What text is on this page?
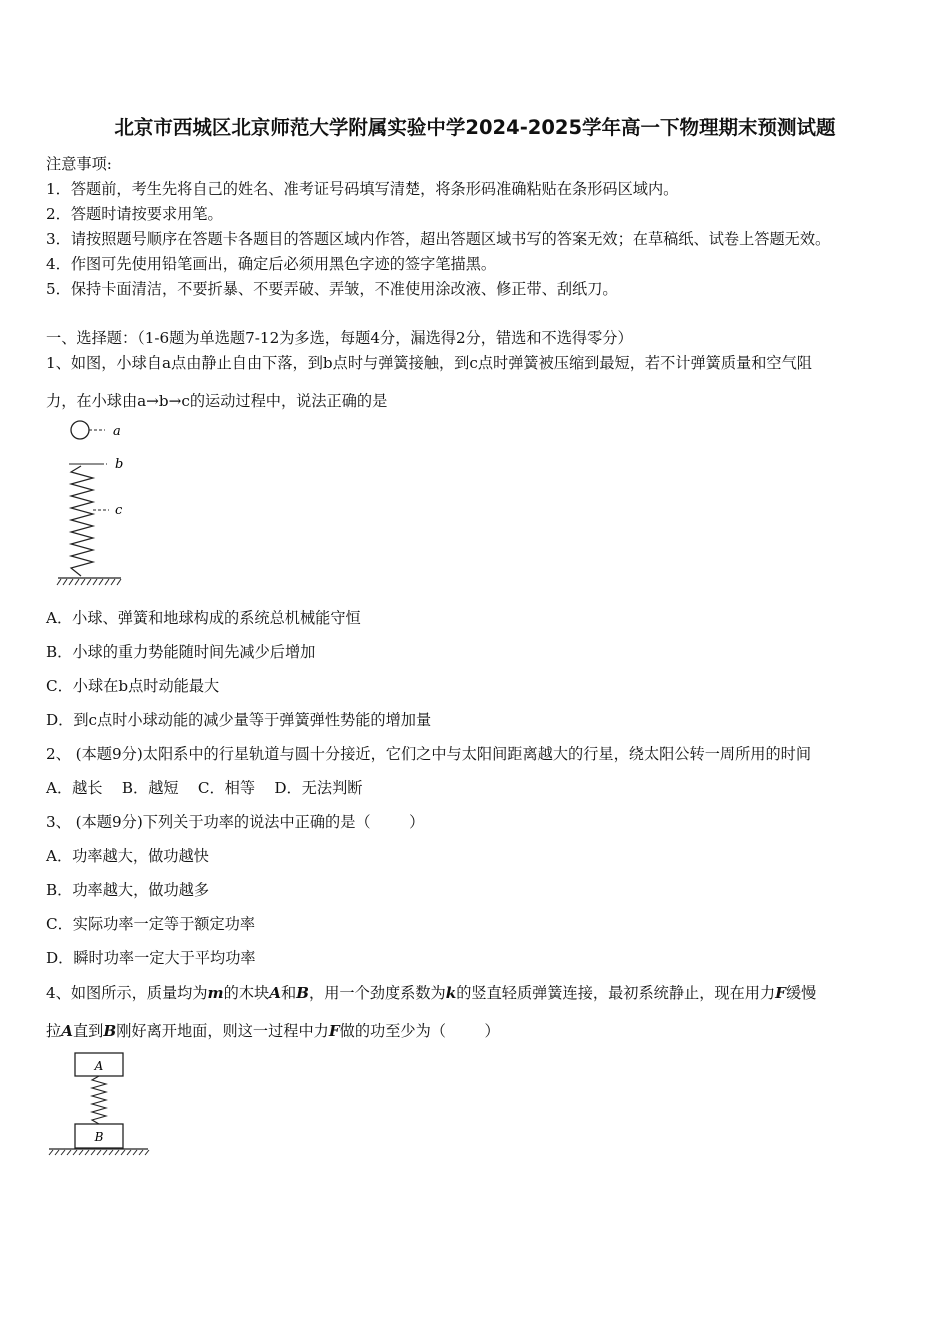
北京市西城区北京师范大学附属实验中学2024-2025学年高一下物理期末预测试题
注意事项:
1．答题前，考生先将自己的姓名、准考证号码填写清楚，将条形码准确粘贴在条形码区域内。
2．答题时请按要求用笔。
3．请按照题号顺序在答题卡各题目的答题区域内作答，超出答题区域书写的答案无效；在草稿纸、试卷上答题无效。
4．作图可先使用铅笔画出，确定后必须用黑色字迹的签字笔描黑。
5．保持卡面清洁，不要折暴、不要弄破、弄皱，不准使用涂改液、修正带、刮纸刀。
一、选择题：（1-6题为单选题7-12为多选，每题4分，漏选得2分，错选和不选得零分）
1、如图，小球自a点由静止自由下落，到b点时与弹簧接触，到c点时弹簧被压缩到最短，若不计弹簧质量和空气阻
力，在小球由a→b→c的运动过程中，说法正确的是
a
b
c
A．小球、弹簧和地球构成的系统总机械能守恒
B．小球的重力势能随时间先减少后增加
C．小球在b点时动能最大
D．到c点时小球动能的减少量等于弹簧弹性势能的增加量
2、 (本题9分)太阳系中的行星轨道与圆十分接近，它们之中与太阳间距离越大的行星，绕太阳公转一周所用的时间
A．越长    B．越短    C．相等    D．无法判断
3、 (本题9分)下列关于功率的说法中正确的是（        ）
A．功率越大，做功越快
B．功率越大，做功越多
C．实际功率一定等于额定功率
D．瞬时功率一定大于平均功率
4、如图所示，质量均为m的木块A和B，用一个劲度系数为k的竖直轻质弹簧连接，最初系统静止，现在用力F缓慢
拉A直到B刚好离开地面，则这一过程中力F做的功至少为（        ）
A
B
